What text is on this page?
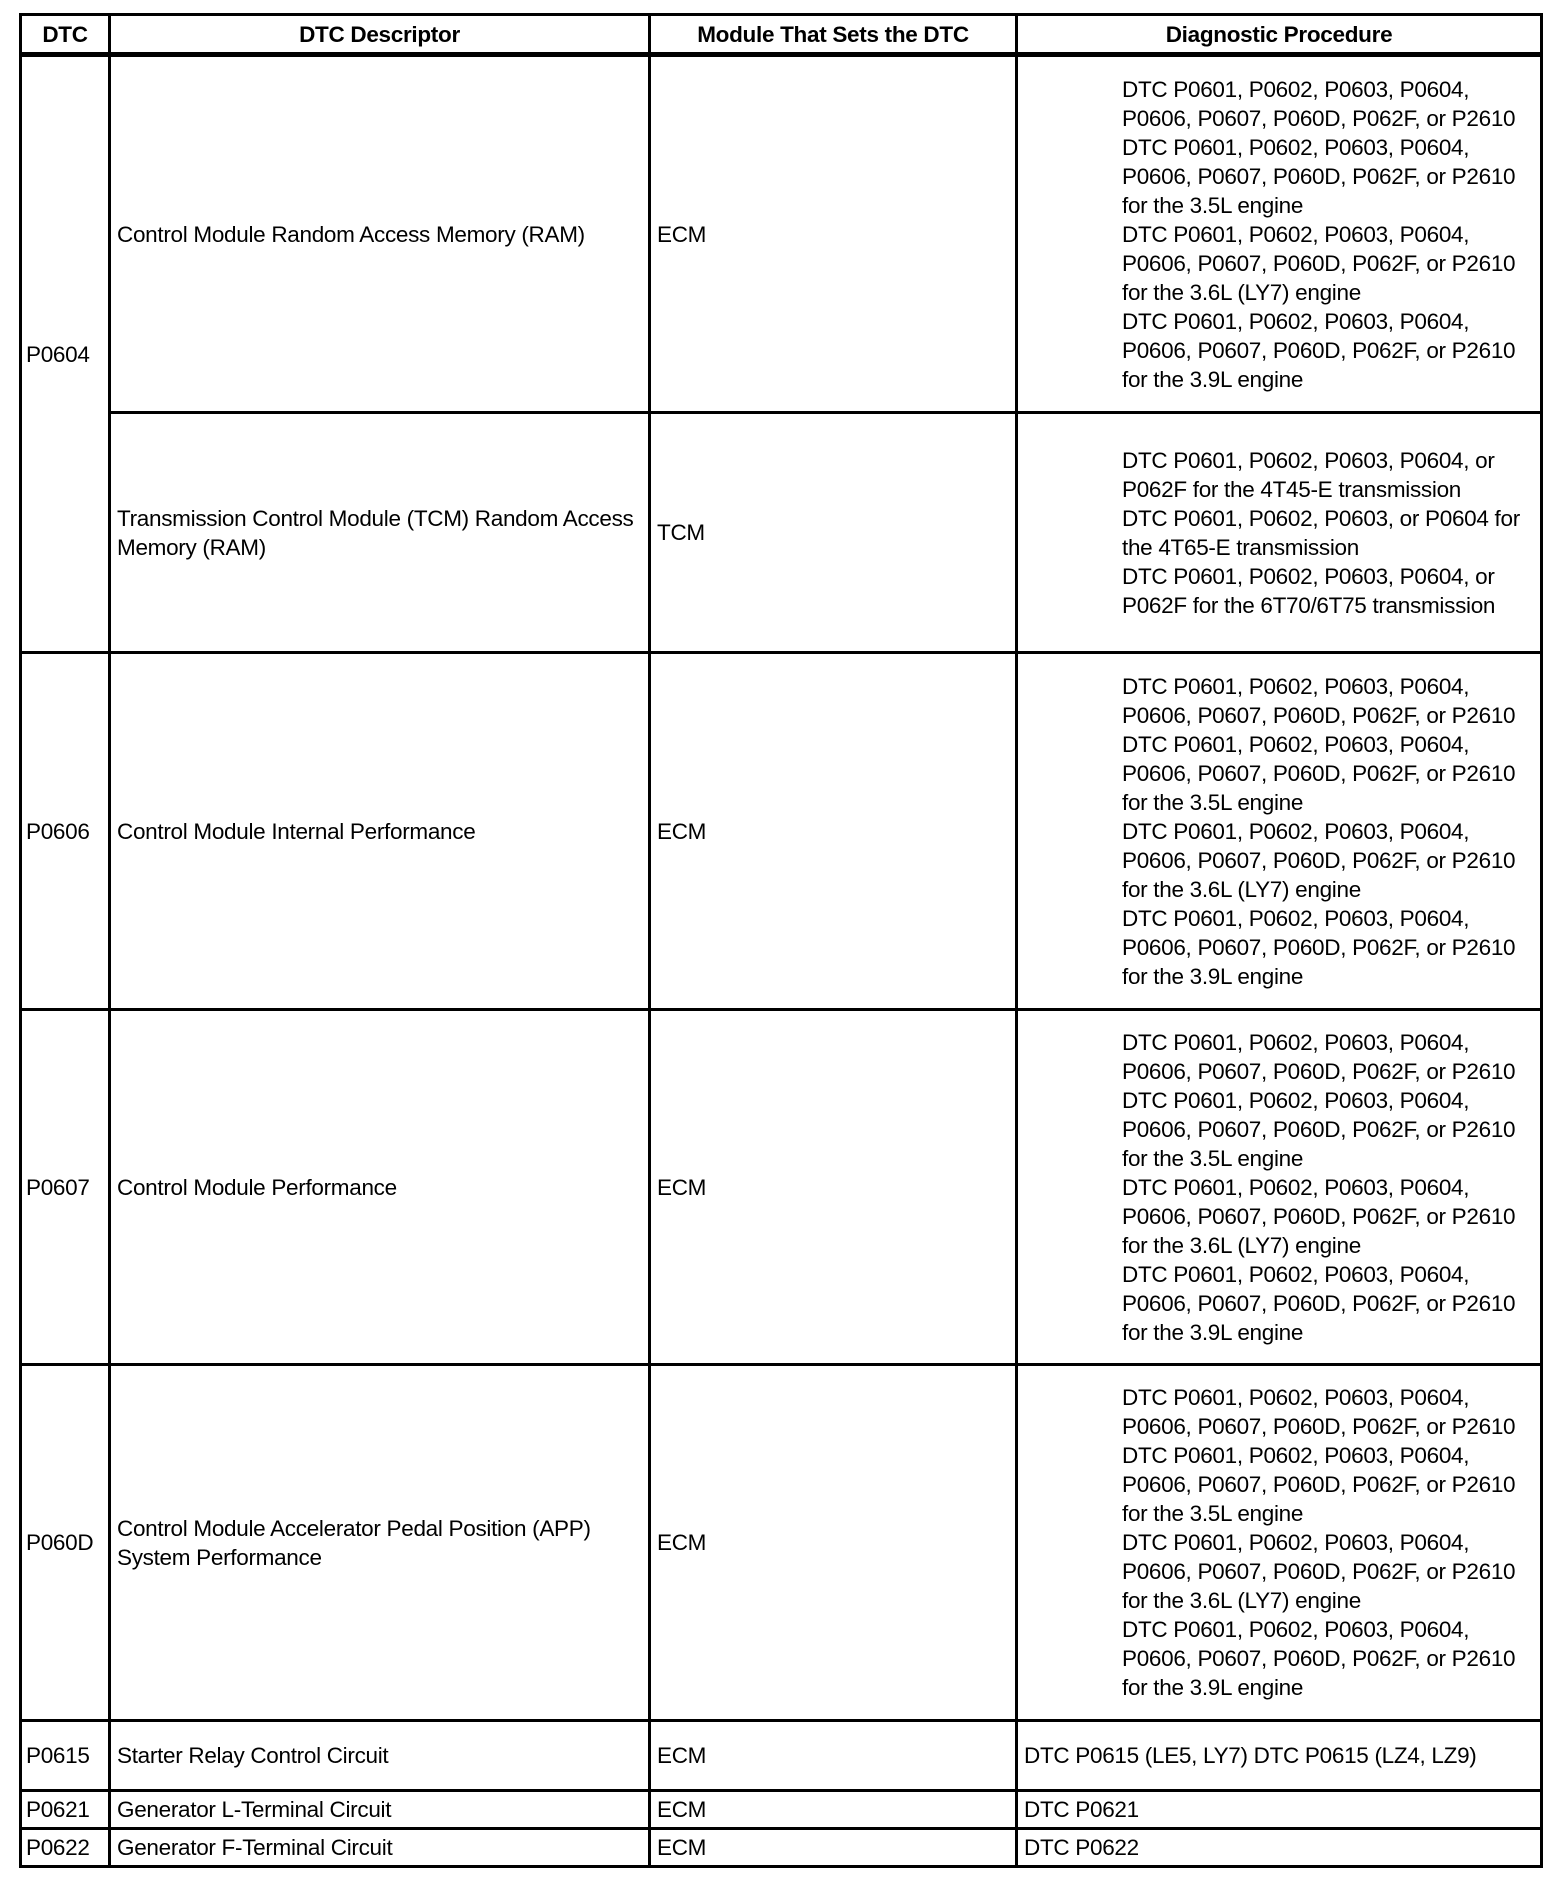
DTC	DTC Descriptor	Module That Sets the DTC	Diagnostic Procedure
P0604	Control Module Random Access Memory (RAM)	ECM	DTC P0601, P0602, P0603, P0604, P0606, P0607, P060D, P062F, or P2610
DTC P0601, P0602, P0603, P0604, P0606, P0607, P060D, P062F, or P2610 for the 3.5L engine
DTC P0601, P0602, P0603, P0604, P0606, P0607, P060D, P062F, or P2610 for the 3.6L (LY7) engine
DTC P0601, P0602, P0603, P0604, P0606, P0607, P060D, P062F, or P2610 for the 3.9L engine

	Transmission Control Module (TCM) Random Access Memory (RAM)	TCM	DTC P0601, P0602, P0603, P0604, or P062F for the 4T45-E transmission
DTC P0601, P0602, P0603, or P0604 for the 4T65-E transmission
DTC P0601, P0602, P0603, P0604, or P062F for the 6T70/6T75 transmission

P0606	Control Module Internal Performance	ECM	DTC P0601, P0602, P0603, P0604, P0606, P0607, P060D, P062F, or P2610
DTC P0601, P0602, P0603, P0604, P0606, P0607, P060D, P062F, or P2610 for the 3.5L engine
DTC P0601, P0602, P0603, P0604, P0606, P0607, P060D, P062F, or P2610 for the 3.6L (LY7) engine
DTC P0601, P0602, P0603, P0604, P0606, P0607, P060D, P062F, or P2610 for the 3.9L engine

P0607	Control Module Performance	ECM	DTC P0601, P0602, P0603, P0604, P0606, P0607, P060D, P062F, or P2610
DTC P0601, P0602, P0603, P0604, P0606, P0607, P060D, P062F, or P2610 for the 3.5L engine
DTC P0601, P0602, P0603, P0604, P0606, P0607, P060D, P062F, or P2610 for the 3.6L (LY7) engine
DTC P0601, P0602, P0603, P0604, P0606, P0607, P060D, P062F, or P2610 for the 3.9L engine

P060D	Control Module Accelerator Pedal Position (APP) System Performance	ECM	DTC P0601, P0602, P0603, P0604, P0606, P0607, P060D, P062F, or P2610
DTC P0601, P0602, P0603, P0604, P0606, P0607, P060D, P062F, or P2610 for the 3.5L engine
DTC P0601, P0602, P0603, P0604, P0606, P0607, P060D, P062F, or P2610 for the 3.6L (LY7) engine
DTC P0601, P0602, P0603, P0604, P0606, P0607, P060D, P062F, or P2610 for the 3.9L engine

P0615	Starter Relay Control Circuit	ECM	DTC P0615 (LE5, LY7) DTC P0615 (LZ4, LZ9)

P0621	Generator L-Terminal Circuit	ECM	DTC P0621

P0622	Generator F-Terminal Circuit	ECM	DTC P0622
